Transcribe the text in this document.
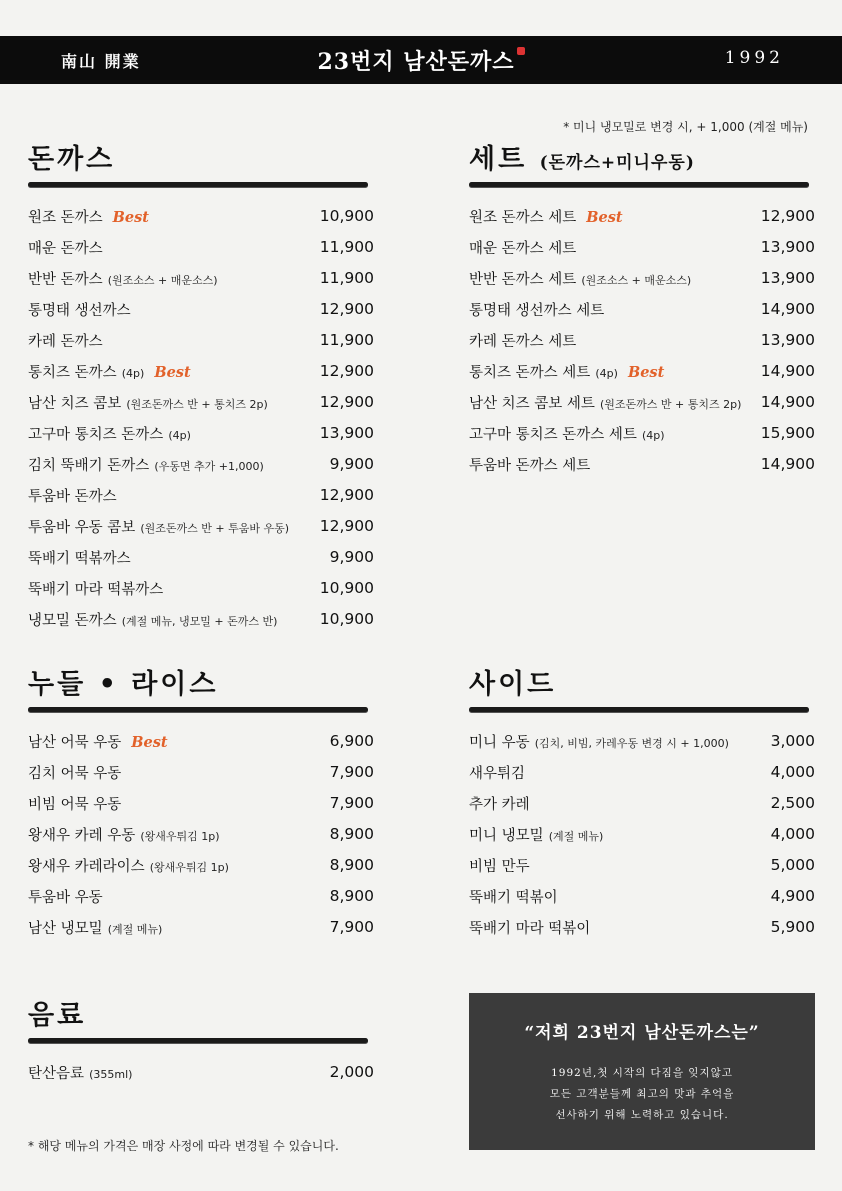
南山 開業	23번지 남산돈까스	1992
* 미니 냉모밀로 변경 시, + 1,000 (계절 메뉴)
돈까스
원조 돈까스 Best	10,900
매운 돈까스	11,900
반반 돈까스 (원조소스 + 매운소스)	11,900
통명태 생선까스	12,900
카레 돈까스	11,900
통치즈 돈까스 (4p) Best	12,900
남산 치즈 콤보 (원조돈까스 반 + 통치즈 2p)	12,900
고구마 통치즈 돈까스 (4p)	13,900
김치 뚝배기 돈까스 (우동면 추가 +1,000)	9,900
투움바 돈까스	12,900
투움바 우동 콤보 (원조돈까스 반 + 투움바 우동) 12,900
뚝배기 떡볶까스	9,900
뚝배기 마라 떡볶까스	10,900
냉모밀 돈까스 (계절 메뉴, 냉모밀 + 돈까스 반)	10,900
세트 (돈까스+미니우동)
원조 돈까스 세트 Best	12,900
매운 돈까스 세트	13,900
반반 돈까스 세트 (원조소스 + 매운소스)	13,900
통명태 생선까스 세트	14,900
카레 돈까스 세트	13,900
통치즈 돈까스 세트 (4p) Best	14,900
남산 치즈 콤보 세트 (원조돈까스 반 + 통치즈 2p) 14,900
고구마 통치즈 돈까스 세트 (4p)	15,900
투움바 돈까스 세트	14,900
누들 • 라이스
남산 어묵 우동 Best	6,900
김치 어묵 우동	7,900
비빔 어묵 우동	7,900
왕새우 카레 우동 (왕새우튀김 1p)	8,900
왕새우 카레라이스 (왕새우튀김 1p)	8,900
투움바 우동	8,900
남산 냉모밀 (계절 메뉴)	7,900
사이드
미니 우동 (김치, 비빔, 카레우동 변경 시 + 1,000)	3,000
새우튀김	4,000
추가 카레	2,500
미니 냉모밀 (계절 메뉴)	4,000
비빔 만두	5,000
뚝배기 떡볶이	4,900
뚝배기 마라 떡볶이	5,900
음료
탄산음료 (355ml)	2,000
“저희 23번지 남산돈까스는”
1992년,첫 시작의 다짐을 잊지않고
모든 고객분들께 최고의 맛과 추억을
선사하기 위해 노력하고 있습니다.
* 해당 메뉴의 가격은 매장 사정에 따라 변경될 수 있습니다.
